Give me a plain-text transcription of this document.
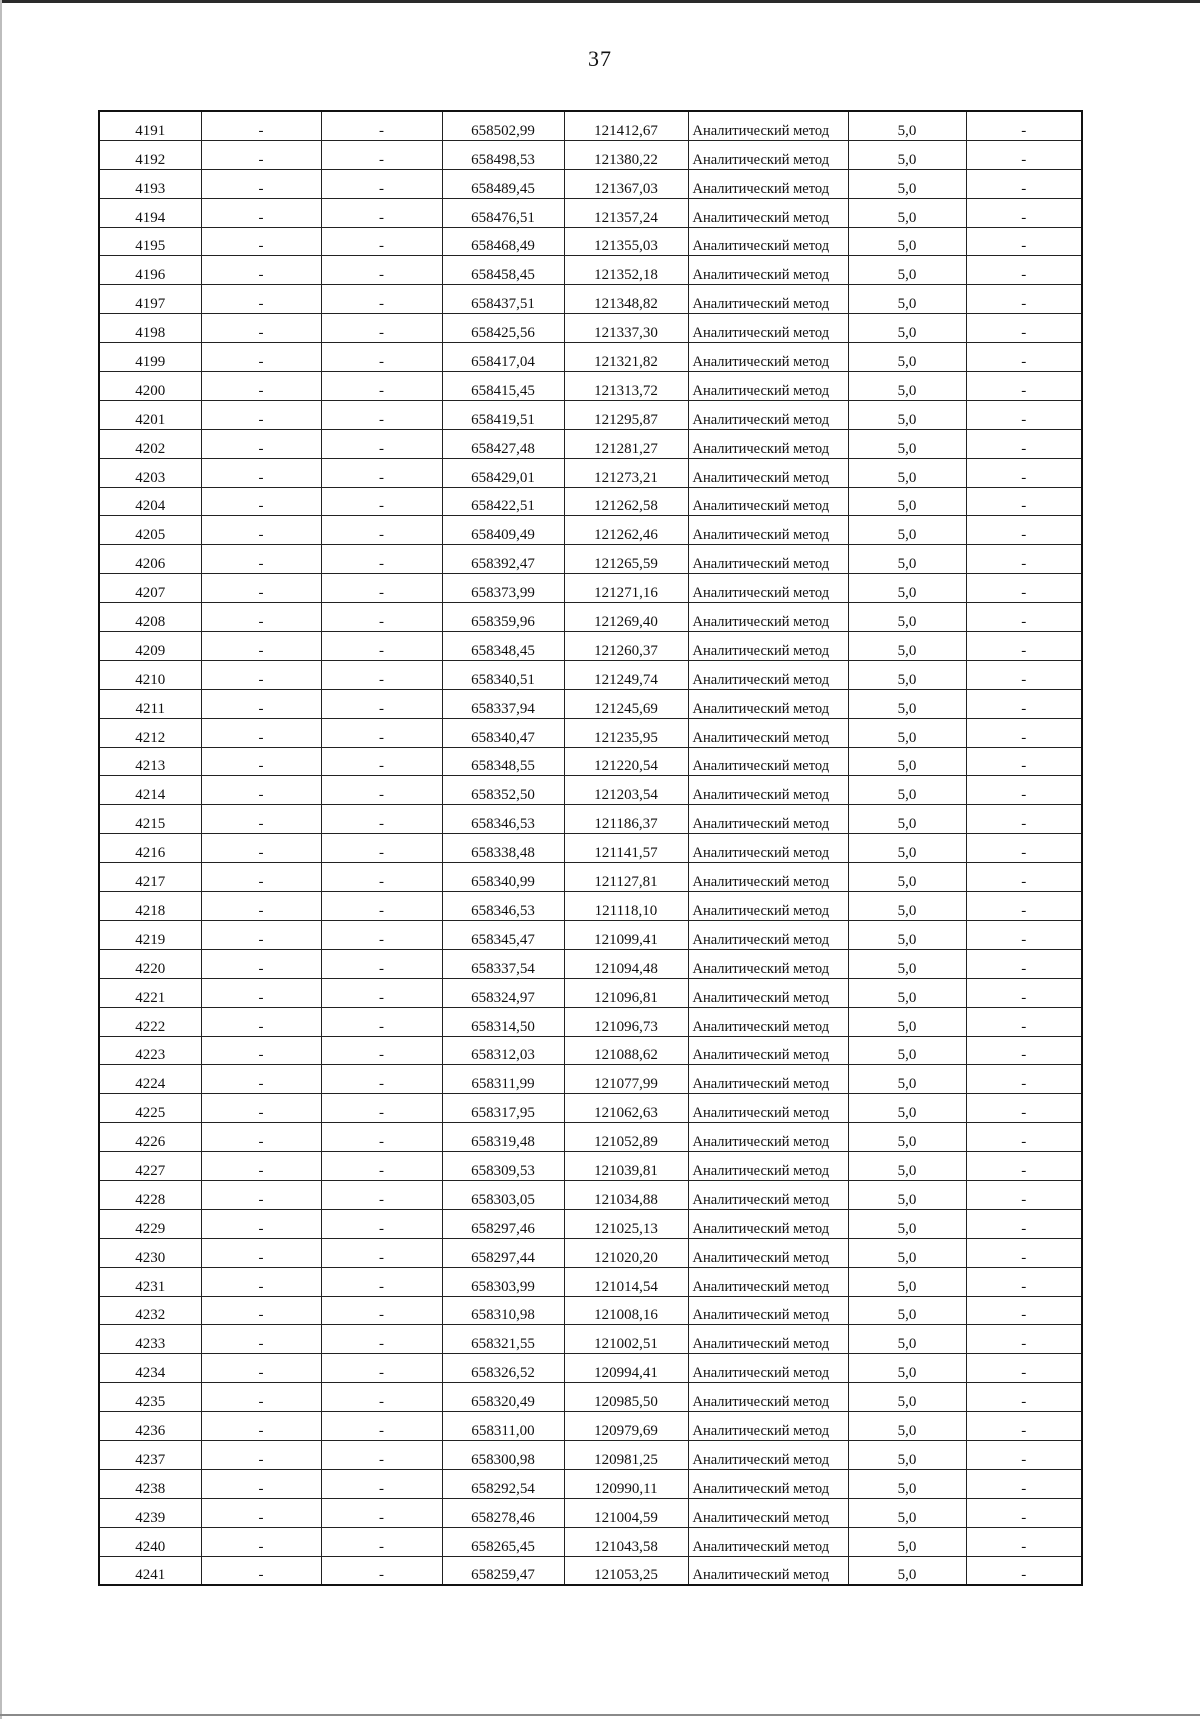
37
4191	-	-	658502,99	121412,67	Аналитический метод	5,0	-
4192	-	-	658498,53	121380,22	Аналитический метод	5,0	-
4193	-	-	658489,45	121367,03	Аналитический метод	5,0	-
4194	-	-	658476,51	121357,24	Аналитический метод	5,0	-
4195	-	-	658468,49	121355,03	Аналитический метод	5,0	-
4196	-	-	658458,45	121352,18	Аналитический метод	5,0	-
4197	-	-	658437,51	121348,82	Аналитический метод	5,0	-
4198	-	-	658425,56	121337,30	Аналитический метод	5,0	-
4199	-	-	658417,04	121321,82	Аналитический метод	5,0	-
4200	-	-	658415,45	121313,72	Аналитический метод	5,0	-
4201	-	-	658419,51	121295,87	Аналитический метод	5,0	-
4202	-	-	658427,48	121281,27	Аналитический метод	5,0	-
4203	-	-	658429,01	121273,21	Аналитический метод	5,0	-
4204	-	-	658422,51	121262,58	Аналитический метод	5,0	-
4205	-	-	658409,49	121262,46	Аналитический метод	5,0	-
4206	-	-	658392,47	121265,59	Аналитический метод	5,0	-
4207	-	-	658373,99	121271,16	Аналитический метод	5,0	-
4208	-	-	658359,96	121269,40	Аналитический метод	5,0	-
4209	-	-	658348,45	121260,37	Аналитический метод	5,0	-
4210	-	-	658340,51	121249,74	Аналитический метод	5,0	-
4211	-	-	658337,94	121245,69	Аналитический метод	5,0	-
4212	-	-	658340,47	121235,95	Аналитический метод	5,0	-
4213	-	-	658348,55	121220,54	Аналитический метод	5,0	-
4214	-	-	658352,50	121203,54	Аналитический метод	5,0	-
4215	-	-	658346,53	121186,37	Аналитический метод	5,0	-
4216	-	-	658338,48	121141,57	Аналитический метод	5,0	-
4217	-	-	658340,99	121127,81	Аналитический метод	5,0	-
4218	-	-	658346,53	121118,10	Аналитический метод	5,0	-
4219	-	-	658345,47	121099,41	Аналитический метод	5,0	-
4220	-	-	658337,54	121094,48	Аналитический метод	5,0	-
4221	-	-	658324,97	121096,81	Аналитический метод	5,0	-
4222	-	-	658314,50	121096,73	Аналитический метод	5,0	-
4223	-	-	658312,03	121088,62	Аналитический метод	5,0	-
4224	-	-	658311,99	121077,99	Аналитический метод	5,0	-
4225	-	-	658317,95	121062,63	Аналитический метод	5,0	-
4226	-	-	658319,48	121052,89	Аналитический метод	5,0	-
4227	-	-	658309,53	121039,81	Аналитический метод	5,0	-
4228	-	-	658303,05	121034,88	Аналитический метод	5,0	-
4229	-	-	658297,46	121025,13	Аналитический метод	5,0	-
4230	-	-	658297,44	121020,20	Аналитический метод	5,0	-
4231	-	-	658303,99	121014,54	Аналитический метод	5,0	-
4232	-	-	658310,98	121008,16	Аналитический метод	5,0	-
4233	-	-	658321,55	121002,51	Аналитический метод	5,0	-
4234	-	-	658326,52	120994,41	Аналитический метод	5,0	-
4235	-	-	658320,49	120985,50	Аналитический метод	5,0	-
4236	-	-	658311,00	120979,69	Аналитический метод	5,0	-
4237	-	-	658300,98	120981,25	Аналитический метод	5,0	-
4238	-	-	658292,54	120990,11	Аналитический метод	5,0	-
4239	-	-	658278,46	121004,59	Аналитический метод	5,0	-
4240	-	-	658265,45	121043,58	Аналитический метод	5,0	-
4241	-	-	658259,47	121053,25	Аналитический метод	5,0	-
